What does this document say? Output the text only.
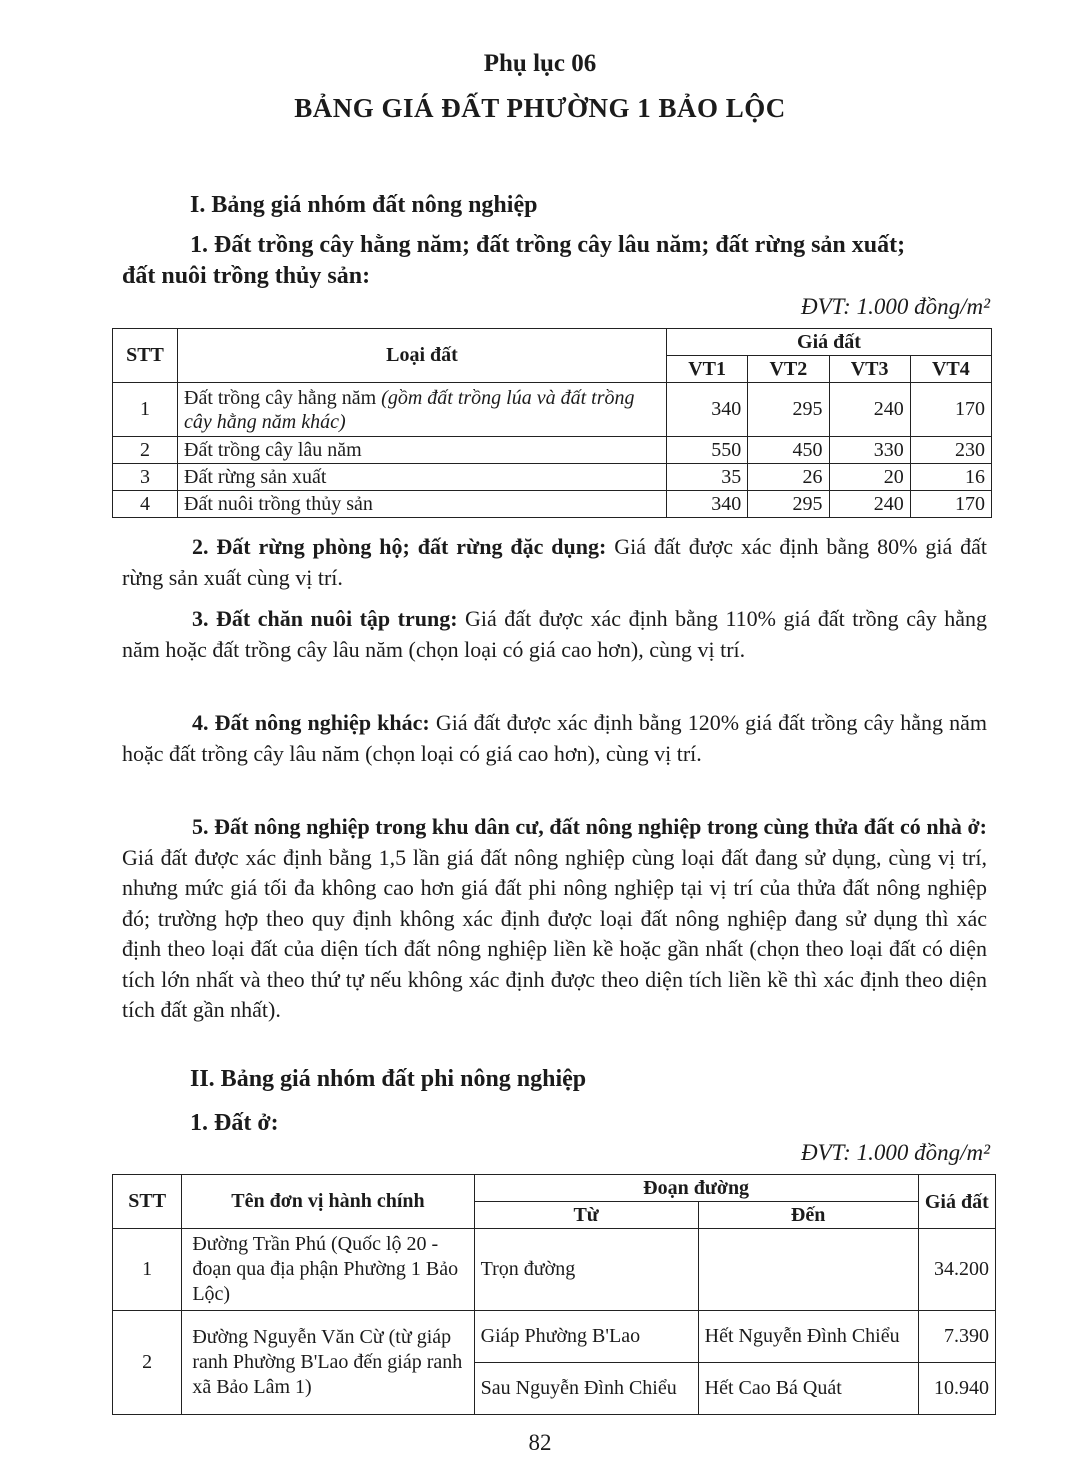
Phụ lục 06
BẢNG GIÁ ĐẤT PHƯỜNG 1 BẢO LỘC
I. Bảng giá nhóm đất nông nghiệp
1. Đất trồng cây hằng năm; đất trồng cây lâu năm; đất rừng sản xuất;
đất nuôi trồng thủy sản:
ĐVT: 1.000 đồng/m²
STT	Loại đất	Giá đất			
		VT1	VT2	VT3	VT4
1	Đất trồng cây hằng năm (gồm đất trồng lúa và đất trồng cây hằng năm khác)	340	295	240	170
2	Đất trồng cây lâu năm	550	450	330	230
3	Đất rừng sản xuất	35	26	20	16
4	Đất nuôi trồng thủy sản	340	295	240	170
2. Đất rừng phòng hộ; đất rừng đặc dụng: Giá đất được xác định bằng 80% giá đất rừng sản xuất cùng vị trí.
3. Đất chăn nuôi tập trung: Giá đất được xác định bằng 110% giá đất trồng cây hằng năm hoặc đất trồng cây lâu năm (chọn loại có giá cao hơn), cùng vị trí.
4. Đất nông nghiệp khác: Giá đất được xác định bằng 120% giá đất trồng cây hằng năm hoặc đất trồng cây lâu năm (chọn loại có giá cao hơn), cùng vị trí.
5. Đất nông nghiệp trong khu dân cư, đất nông nghiệp trong cùng thửa đất có nhà ở: Giá đất được xác định bằng 1,5 lần giá đất nông nghiệp cùng loại đất đang sử dụng, cùng vị trí, nhưng mức giá tối đa không cao hơn giá đất phi nông nghiệp tại vị trí của thửa đất nông nghiệp đó; trường hợp theo quy định không xác định được loại đất nông nghiệp đang sử dụng thì xác định theo loại đất của diện tích đất nông nghiệp liền kề hoặc gần nhất (chọn theo loại đất có diện tích lớn nhất và theo thứ tự nếu không xác định được theo diện tích liền kề thì xác định theo diện tích đất gần nhất).
II. Bảng giá nhóm đất phi nông nghiệp
1. Đất ở:
ĐVT: 1.000 đồng/m²
STT	Tên đơn vị hành chính	Đoạn đường		Giá đất
		Từ	Đến	
1	Đường Trần Phú (Quốc lộ 20 - đoạn qua địa phận Phường 1 Bảo Lộc)	Trọn đường		34.200
2	Đường Nguyễn Văn Cừ (từ giáp ranh Phường B'Lao đến giáp ranh xã Bảo Lâm 1)	Giáp Phường B'Lao	Hết Nguyễn Đình Chiểu	7.390
		Sau Nguyễn Đình Chiểu	Hết Cao Bá Quát	10.940
82
